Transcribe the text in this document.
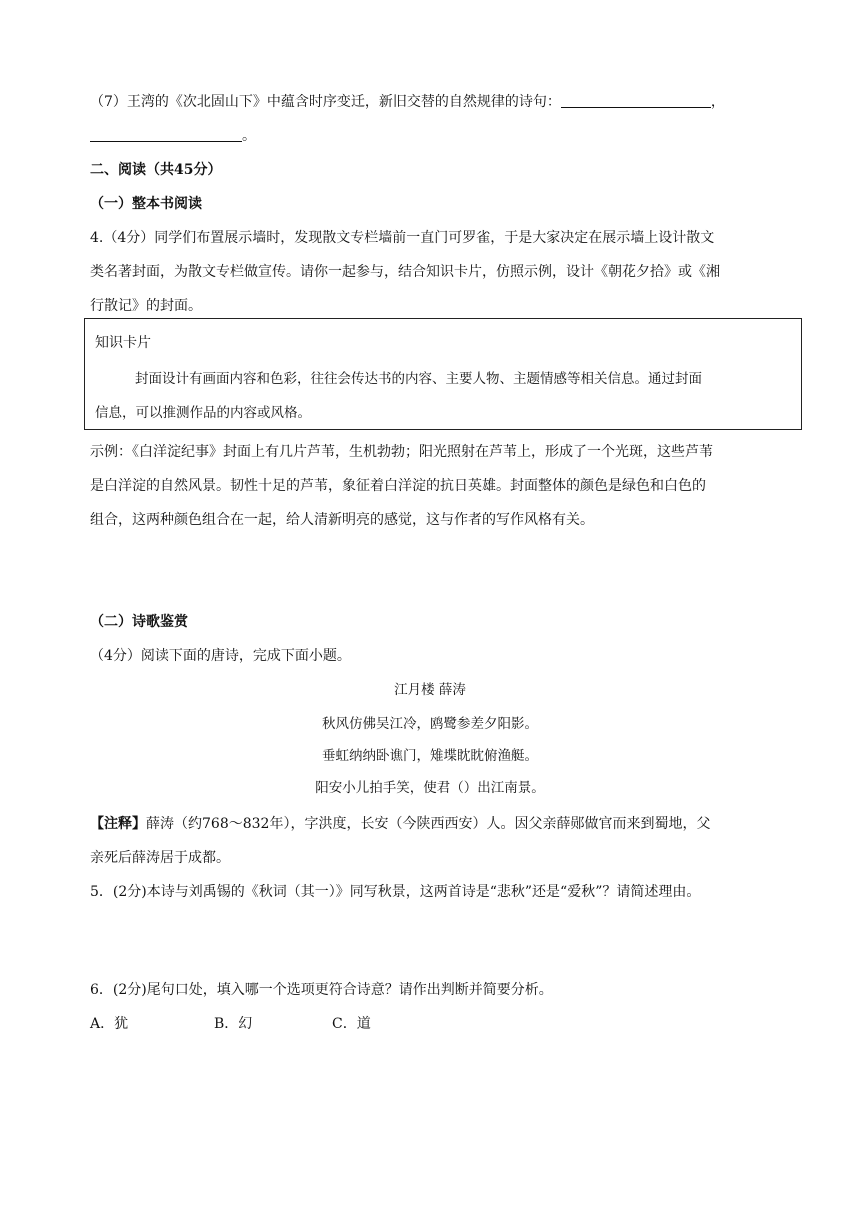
（7）王湾的《次北固山下》中蕴含时序变迁，新旧交替的自然规律的诗句：	，
。
二、阅读（共45分）
（一）整本书阅读
4.（4分）同学们布置展示墙时，发现散文专栏墙前一直门可罗雀，于是大家决定在展示墙上设计散文
类名著封面，为散文专栏做宣传。请你一起参与，结合知识卡片，仿照示例，设计《朝花夕拾》或《湘
行散记》的封面。
知识卡片
封面设计有画面内容和色彩，往往会传达书的内容、主要人物、主题情感等相关信息。通过封面
信息，可以推测作品的内容或风格。
示例：《白洋淀纪事》封面上有几片芦苇，生机勃勃；阳光照射在芦苇上，形成了一个光斑，这些芦苇
是白洋淀的自然风景。韧性十足的芦苇，象征着白洋淀的抗日英雄。封面整体的颜色是绿色和白色的
组合，这两种颜色组合在一起，给人清新明亮的感觉，这与作者的写作风格有关。
（二）诗歌鉴赏
（4分）阅读下面的唐诗，完成下面小题。
江月楼 薛涛
秋风仿佛吴江冷，鸥鹭参差夕阳影。
垂虹纳纳卧谯门，雉堞眈眈俯渔艇。
阳安小儿拍手笑，使君（）出江南景。
【注释】薛涛（约768～832年），字洪度，长安（今陕西西安）人。因父亲薛郧做官而来到蜀地，父
亲死后薛涛居于成都。
5．(2分)本诗与刘禹锡的《秋词（其一）》同写秋景，这两首诗是“悲秋”还是“爱秋”？请简述理由。
6．(2分)尾句口处，填入哪一个选项更符合诗意？请作出判断并简要分析。
A．犹	B．幻	C．道
